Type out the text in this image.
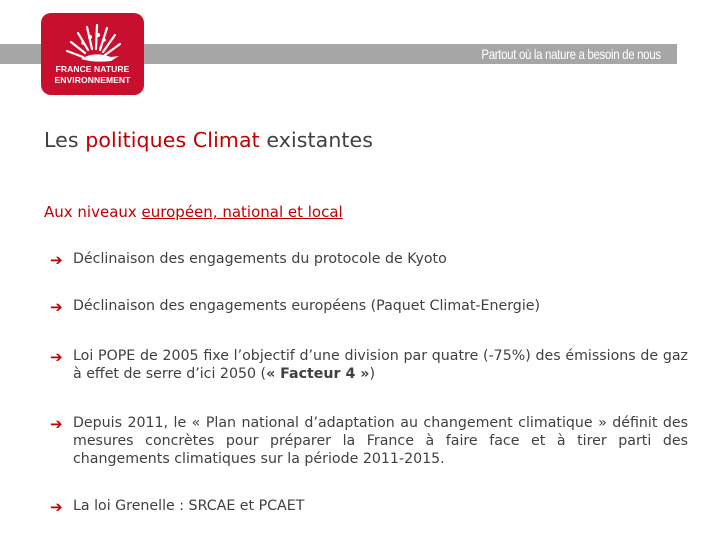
Partout où la nature a besoin de nous
FRANCE NATURE
ENVIRONNEMENT
Les politiques Climat existantes
Aux niveaux européen, national et local
➔ Déclinaison des engagements du protocole de Kyoto
➔ Déclinaison des engagements européens (Paquet Climat-Energie)
➔ Loi POPE de 2005 fixe l’objectif d’une division par quatre (-75%) des émissions de gaz à effet de serre d’ici 2050 (« Facteur 4 »)
➔ Depuis 2011, le « Plan national d’adaptation au changement climatique » définit des mesures concrètes pour préparer la France à faire face et à tirer parti des changements climatiques sur la période 2011-2015.
➔ La loi Grenelle : SRCAE et PCAET
